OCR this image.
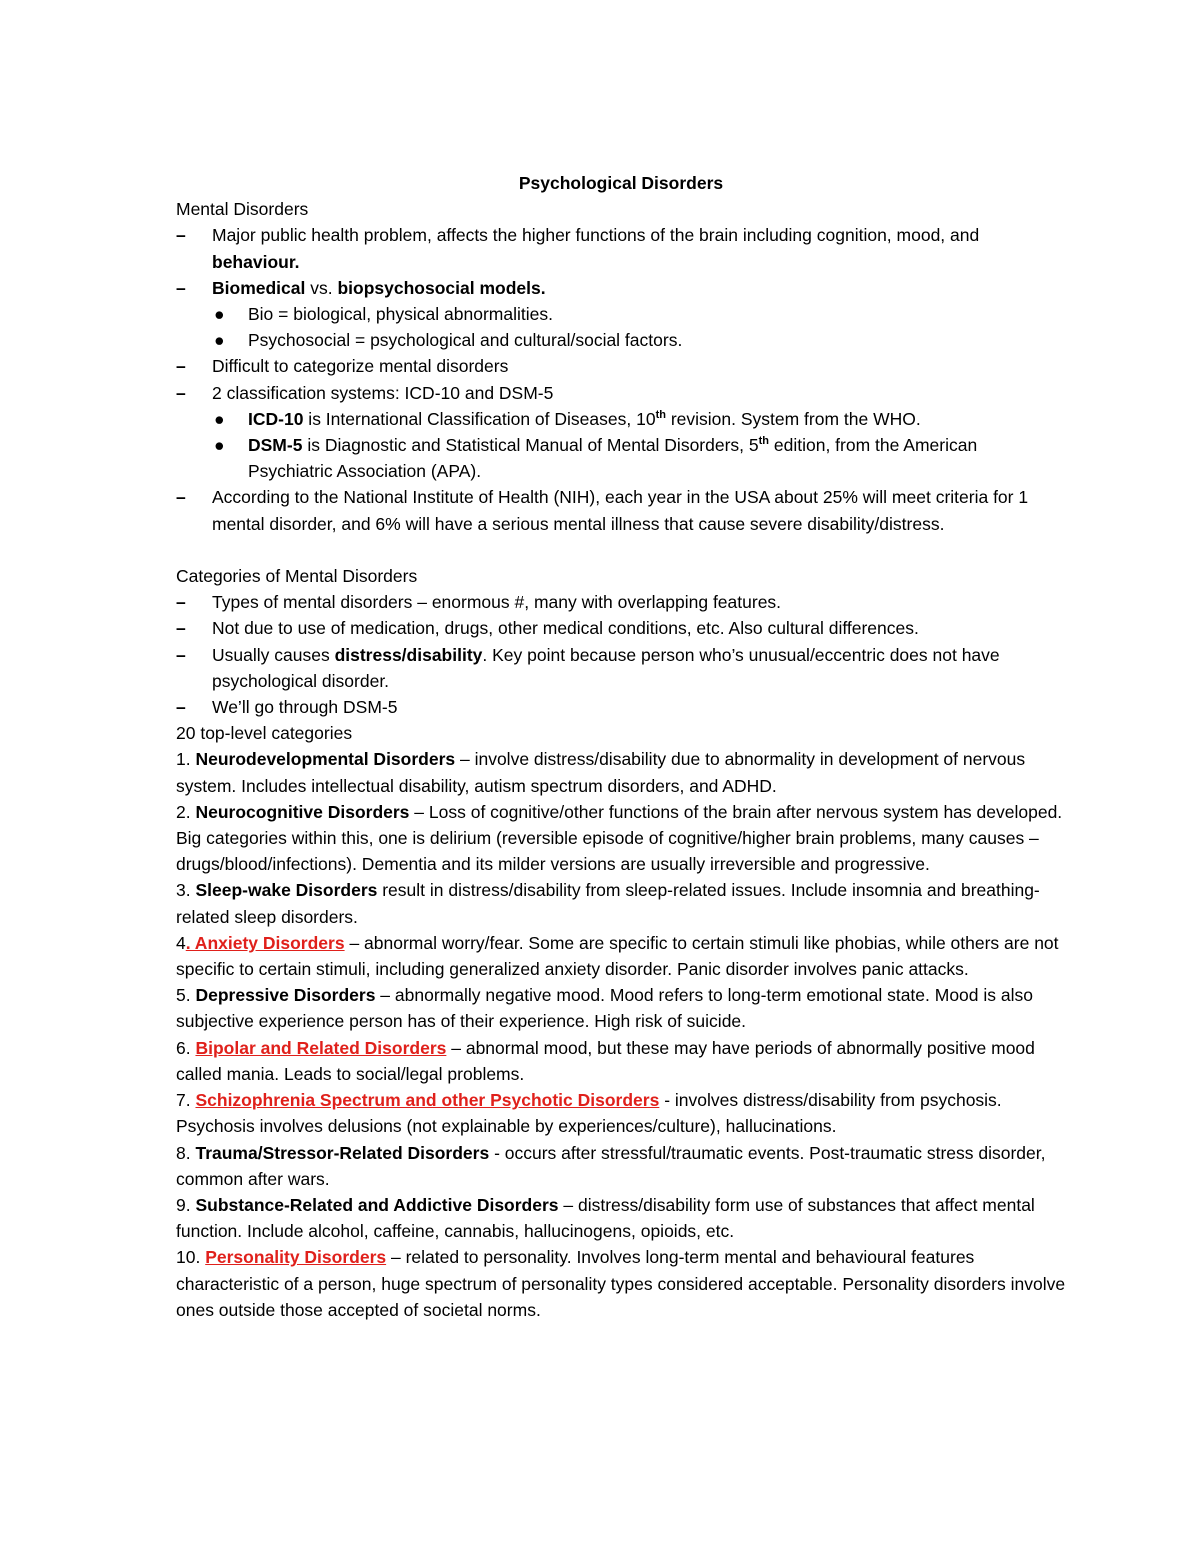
Psychological Disorders

Mental Disorders

– Major public health problem, affects the higher functions of the brain including cognition, mood, and behaviour.
– Biomedical vs. biopsychosocial models.
● Bio = biological, physical abnormalities.
● Psychosocial = psychological and cultural/social factors.
– Difficult to categorize mental disorders
– 2 classification systems: ICD-10 and DSM-5
● ICD-10 is International Classification of Diseases, 10th revision. System from the WHO.
● DSM-5 is Diagnostic and Statistical Manual of Mental Disorders, 5th edition, from the American Psychiatric Association (APA).
– According to the National Institute of Health (NIH), each year in the USA about 25% will meet criteria for 1 mental disorder, and 6% will have a serious mental illness that cause severe disability/distress.

Categories of Mental Disorders

– Types of mental disorders – enormous #, many with overlapping features.
– Not due to use of medication, drugs, other medical conditions, etc. Also cultural differences.
– Usually causes distress/disability. Key point because person who’s unusual/eccentric does not have psychological disorder.
– We’ll go through DSM-5

20 top-level categories

1. Neurodevelopmental Disorders – involve distress/disability due to abnormality in development of nervous system. Includes intellectual disability, autism spectrum disorders, and ADHD.

2. Neurocognitive Disorders – Loss of cognitive/other functions of the brain after nervous system has developed. Big categories within this, one is delirium (reversible episode of cognitive/higher brain problems, many causes – drugs/blood/infections). Dementia and its milder versions are usually irreversible and progressive.

3. Sleep-wake Disorders result in distress/disability from sleep-related issues. Include insomnia and breathing-related sleep disorders.

4. Anxiety Disorders – abnormal worry/fear. Some are specific to certain stimuli like phobias, while others are not specific to certain stimuli, including generalized anxiety disorder. Panic disorder involves panic attacks.

5. Depressive Disorders – abnormally negative mood. Mood refers to long-term emotional state. Mood is also subjective experience person has of their experience. High risk of suicide.

6. Bipolar and Related Disorders – abnormal mood, but these may have periods of abnormally positive mood called mania. Leads to social/legal problems.

7. Schizophrenia Spectrum and other Psychotic Disorders - involves distress/disability from psychosis. Psychosis involves delusions (not explainable by experiences/culture), hallucinations.

8. Trauma/Stressor-Related Disorders - occurs after stressful/traumatic events. Post-traumatic stress disorder, common after wars.

9. Substance-Related and Addictive Disorders – distress/disability form use of substances that affect mental function. Include alcohol, caffeine, cannabis, hallucinogens, opioids, etc.

10. Personality Disorders – related to personality. Involves long-term mental and behavioural features characteristic of a person, huge spectrum of personality types considered acceptable. Personality disorders involve ones outside those accepted of societal norms.
